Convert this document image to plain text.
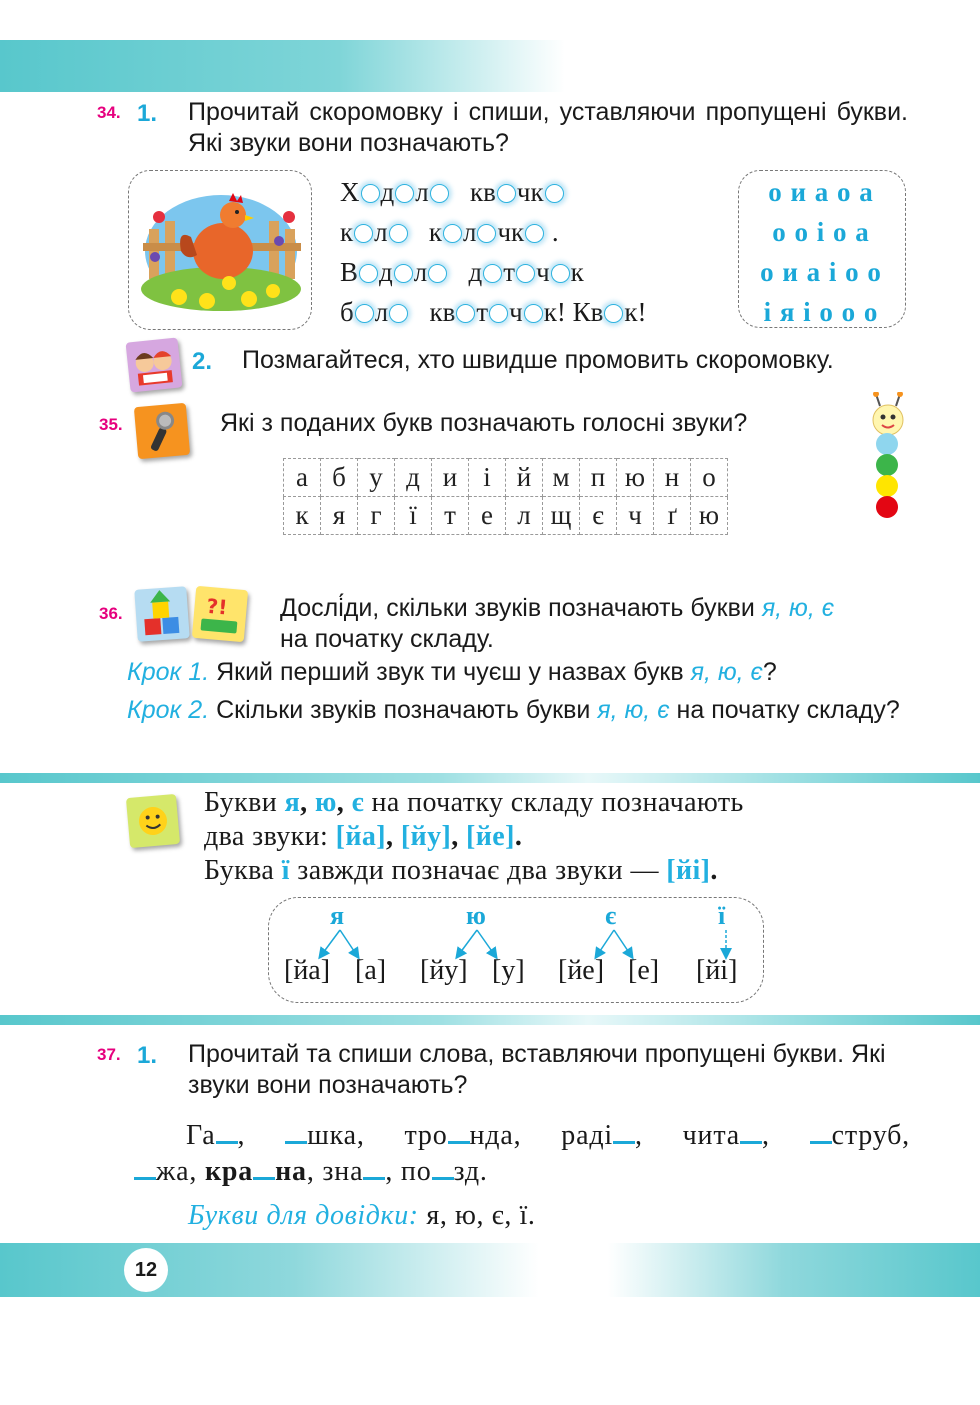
34. 1. Прочитай скоромовку і спиши, уставляючи пропущені букви. Які звуки вони позначають?
Х д л   кв чк
к л   к л чк .
В д л   д т ч к
б л   кв т ч к! Кв к!
о и а о а
о о і о а
о и а і о о
і я і о о о
2. Позмагайтеся, хто швидше промовить скоромовку.
35.	Які з поданих букв позначають голосні звуки?
а	б	у	д	и	і	й	м	п	ю	н	о
к	я	г	ї	т	е	л	щ	є	ч	ґ	ю
36.	?! Дослі́ди, скільки звуків позначають букви я, ю, є
на початку складу.
Крок 1. Який перший звук ти чуєш у назвах букв я, ю, є?
Крок 2. Скільки звуків позначають букви я, ю, є на початку складу?
Букви я, ю, є на початку складу позначають
два звуки: [йа], [йу], [йе].
Буква ї завжди позначає два звуки — [йі].
я	ю	є	ї
[йа] [а] [йу] [у] [йе] [е] [йі]
37. 1. Прочитай та спиши слова, вставляючи пропущені букви. Які звуки вони позначають?
Га , шка, тро нда, раді , чита , струб,
жа, кра на, зна , по зд.
Букви для довідки: я, ю, є, ї.
12
